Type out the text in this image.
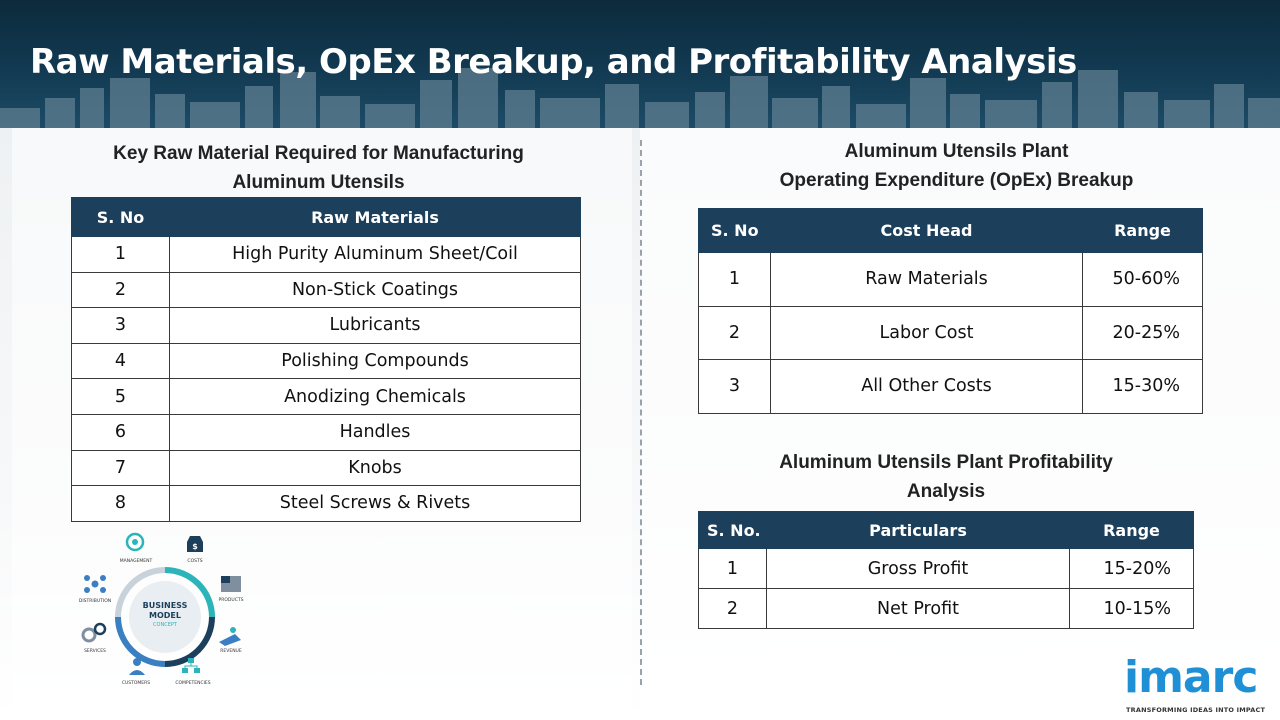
Raw Materials, OpEx Breakup, and Profitability Analysis
Key Raw Material Required for Manufacturing
Aluminum Utensils
S. No	Raw Materials
1	High Purity Aluminum Sheet/Coil
2	Non-Stick Coatings
3	Lubricants
4	Polishing Compounds
5	Anodizing Chemicals
6	Handles
7	Knobs
8	Steel Screws & Rivets
BUSINESS
MODEL
CONCEPT
MANAGEMENT
$
COSTS
DISTRIBUTION	PRODUCTS
SERVICES	REVENUE
CUSTOMERS	COMPETENCIES
Aluminum Utensils Plant
Operating Expenditure (OpEx) Breakup
S. No	Cost Head	Range
1	Raw Materials	50-60%
2	Labor Cost	20-25%
3	All Other Costs	15-30%
Aluminum Utensils Plant Profitability
Analysis
S. No.	Particulars	Range
1	Gross Profit	15-20%
2	Net Profit	10-15%
imarc
TRANSFORMING IDEAS INTO IMPACT
